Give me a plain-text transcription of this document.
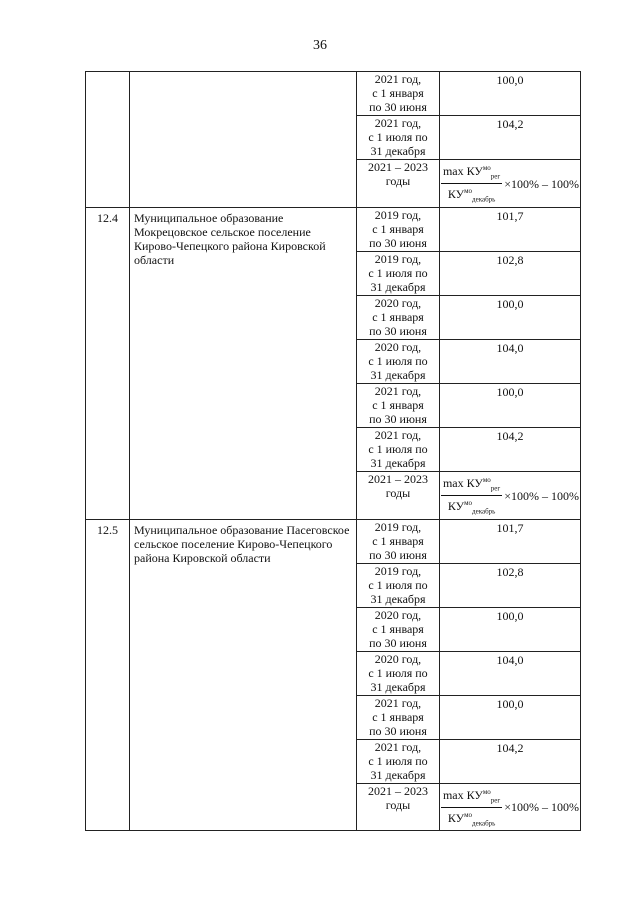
36

		2021 год,
с 1 января
по 30 июня	100,0

		2021 год,
с 1 июля по
31 декабря	104,2

		2021 – 2023
годы	$\frac{\max КУ^{мо}_{рег}}{КУ^{мо}_{декабрь}} \times 100\% - 100\%$

12.4	Муниципальное образование Мокрецовское сельское поселение Кирово-Чепецкого района Кировской области	2019 год,
с 1 января
по 30 июня	101,7

		2019 год,
с 1 июля по
31 декабря	102,8

		2020 год,
с 1 января
по 30 июня	100,0

		2020 год,
с 1 июля по
31 декабря	104,0

		2021 год,
с 1 января
по 30 июня	100,0

		2021 год,
с 1 июля по
31 декабря	104,2

		2021 – 2023
годы	$\frac{\max КУ^{мо}_{рег}}{КУ^{мо}_{декабрь}} \times 100\% - 100\%$

12.5	Муниципальное образование Пасеговское сельское поселение Кирово-Чепецкого района Кировской области	2019 год,
с 1 января
по 30 июня	101,7

		2019 год,
с 1 июля по
31 декабря	102,8

		2020 год,
с 1 января
по 30 июня	100,0

		2020 год,
с 1 июля по
31 декабря	104,0

		2021 год,
с 1 января
по 30 июня	100,0

		2021 год,
с 1 июля по
31 декабря	104,2

		2021 – 2023
годы	$\frac{\max КУ^{мо}_{рег}}{КУ^{мо}_{декабрь}} \times 100\% - 100\%$
